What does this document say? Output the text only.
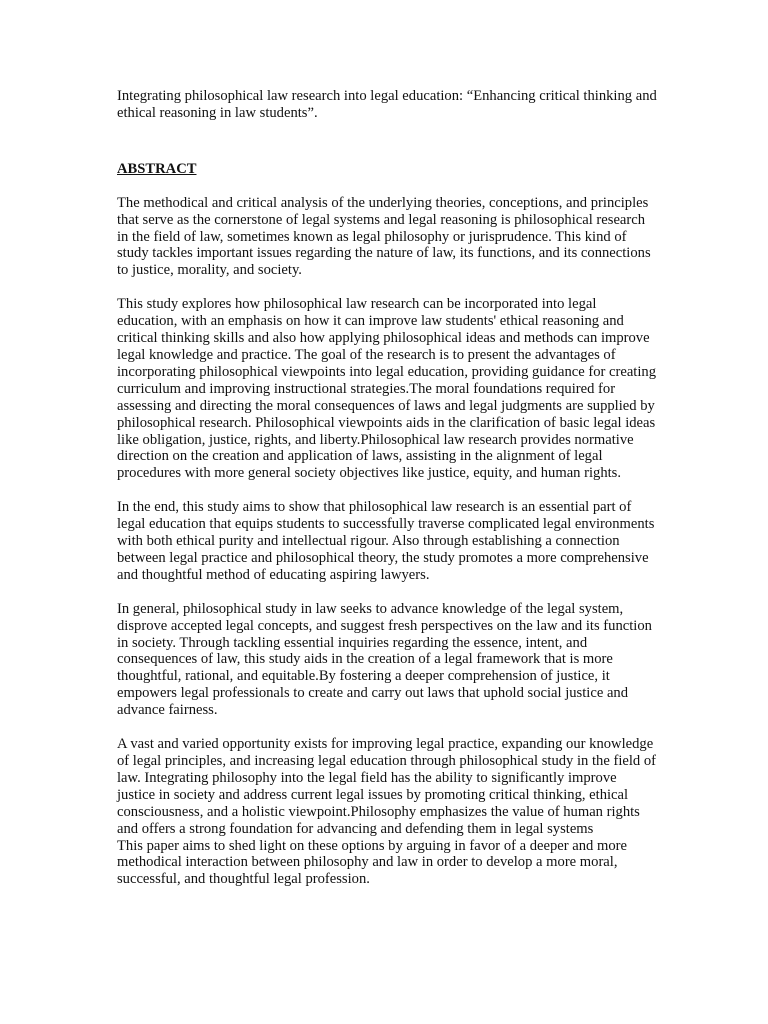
Integrating philosophical law research into legal education: “Enhancing critical thinking and ethical reasoning in law students”.

ABSTRACT

The methodical and critical analysis of the underlying theories, conceptions, and principles that serve as the cornerstone of legal systems and legal reasoning is philosophical research in the field of law, sometimes known as legal philosophy or jurisprudence. This kind of study tackles important issues regarding the nature of law, its functions, and its connections to justice, morality, and society.

This study explores how philosophical law research can be incorporated into legal education, with an emphasis on how it can improve law students' ethical reasoning and critical thinking skills and also how applying philosophical ideas and methods can improve legal knowledge and practice. The goal of the research is to present the advantages of incorporating philosophical viewpoints into legal education, providing guidance for creating curriculum and improving instructional strategies.The moral foundations required for assessing and directing the moral consequences of laws and legal judgments are supplied by philosophical research. Philosophical viewpoints aids in the clarification of basic legal ideas like obligation, justice, rights, and liberty.Philosophical law research provides normative direction on the creation and application of laws, assisting in the alignment of legal procedures with more general society objectives like justice, equity, and human rights.

In the end, this study aims to show that philosophical law research is an essential part of legal education that equips students to successfully traverse complicated legal environments with both ethical purity and intellectual rigour. Also through establishing a connection between legal practice and philosophical theory, the study promotes a more comprehensive and thoughtful method of educating aspiring lawyers.

In general, philosophical study in law seeks to advance knowledge of the legal system, disprove accepted legal concepts, and suggest fresh perspectives on the law and its function in society. Through tackling essential inquiries regarding the essence, intent, and consequences of law, this study aids in the creation of a legal framework that is more thoughtful, rational, and equitable.By fostering a deeper comprehension of justice, it empowers legal professionals to create and carry out laws that uphold social justice and advance fairness.

A vast and varied opportunity exists for improving legal practice, expanding our knowledge of legal principles, and increasing legal education through philosophical study in the field of law. Integrating philosophy into the legal field has the ability to significantly improve justice in society and address current legal issues by promoting critical thinking, ethical consciousness, and a holistic viewpoint.Philosophy emphasizes the value of human rights and offers a strong foundation for advancing and defending them in legal systems

This paper aims to shed light on these options by arguing in favor of a deeper and more methodical interaction between philosophy and law in order to develop a more moral, successful, and thoughtful legal profession.
